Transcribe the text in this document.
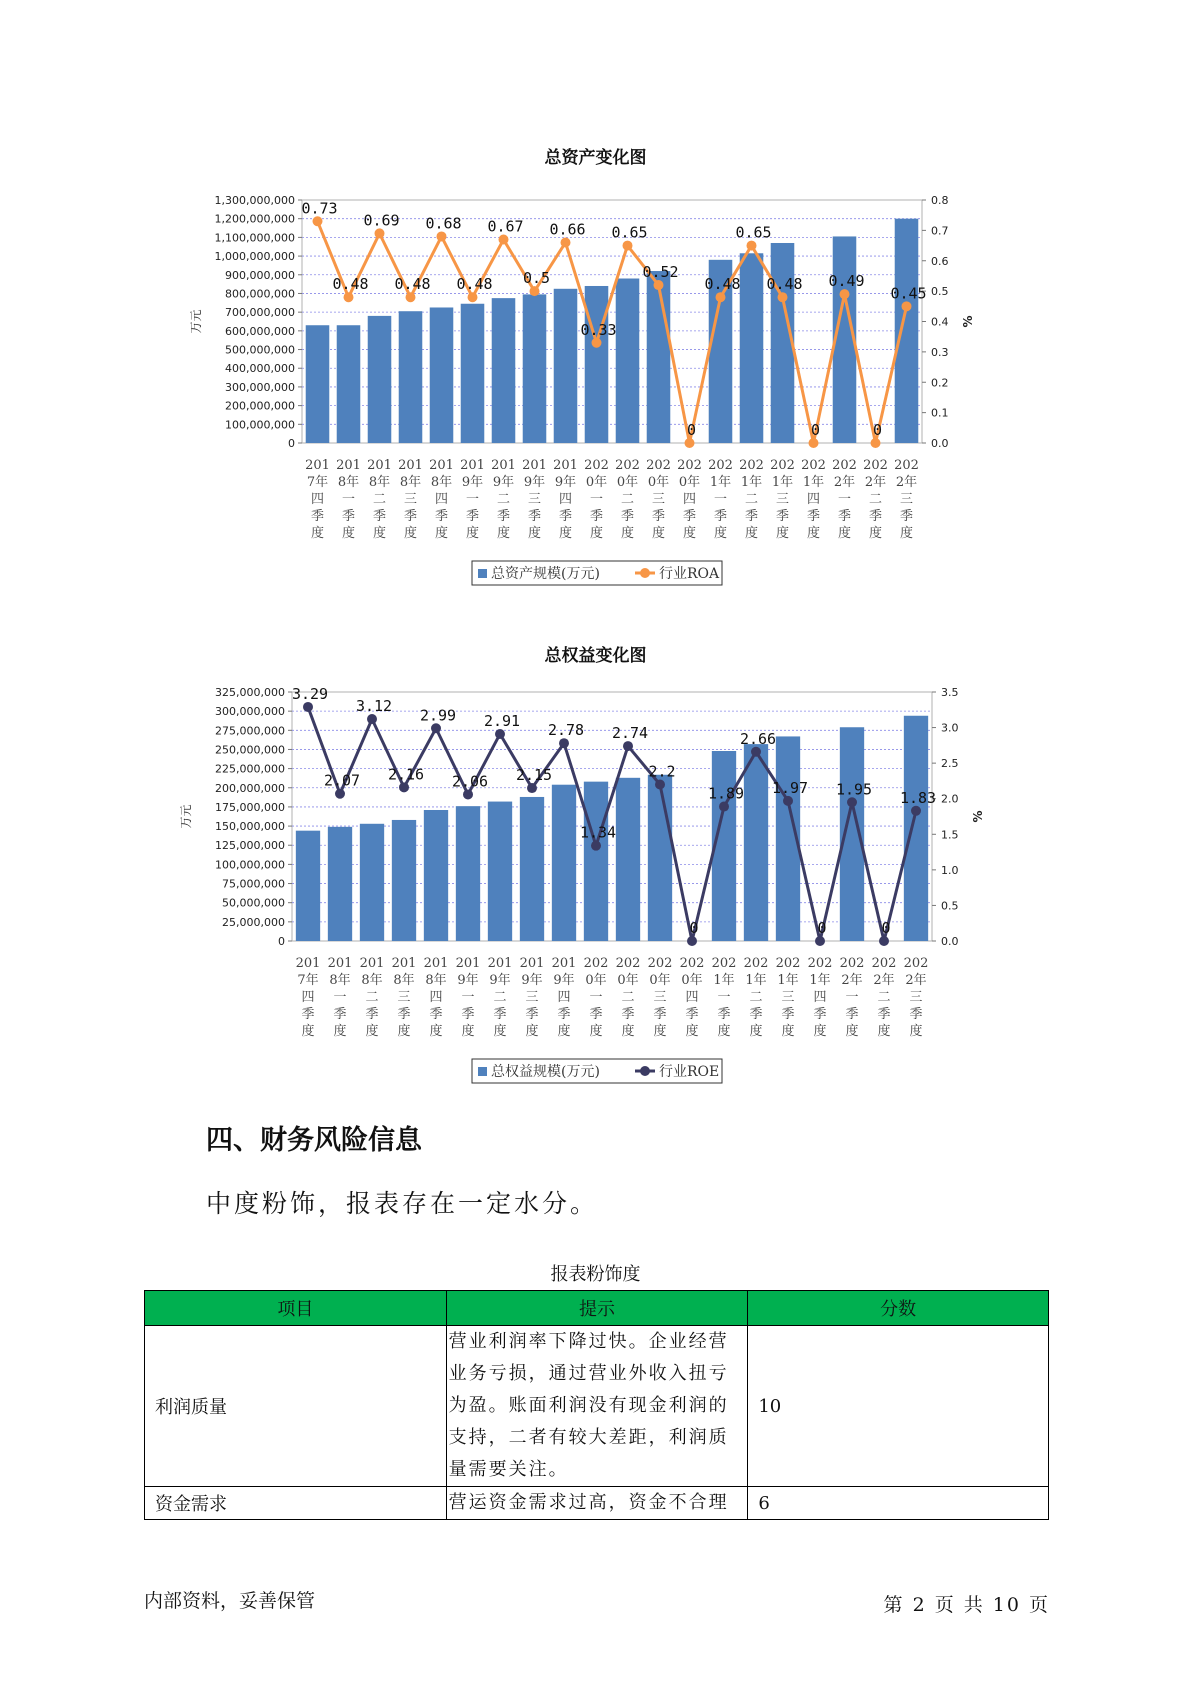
总资产变化图
1,300,000,000
1,200,000,000
1,100,000,000
1,000,000,000
900,000,000
800,000,000
700,000,000
600,000,000
500,000,000
400,000,000
300,000,000
200,000,000
100,000,000
0
0.8
0.7
0.6
0.5
0.4
0.3
0.2
0.1
0.0
万元	%
0.73
0.48
0.69
0.48
0.68
0.48
0.67
0.5
0.66
0.33
0.65
0.52
0
0.48
0.65
0.48
0
0.49
0
0.45
201
7年
四
季
度
201
8年
一
季
度
201
8年
二
季
度
201
8年
三
季
度
201
8年
四
季
度
201
9年
一
季
度
201
9年
二
季
度
201
9年
三
季
度
201
9年
四
季
度
202
0年
一
季
度
202
0年
二
季
度
202
0年
三
季
度
202
0年
四
季
度
202
1年
一
季
度
202
1年
二
季
度
202
1年
三
季
度
202
1年
四
季
度
202
2年
一
季
度
202
2年
二
季
度
202
2年
三
季
度
总资产规模(万元)	行业ROA
总权益变化图
325,000,000
300,000,000
275,000,000
250,000,000
225,000,000
200,000,000
175,000,000
150,000,000
125,000,000
100,000,000
75,000,000
50,000,000
25,000,000
0
3.5
3.0
2.5
2.0
1.5
1.0
0.5
0.0
万元	%
3.29
2.07
3.12
2.16
2.99
2.06
2.91
2.15
2.78
1.34
2.74
2.2
0
1.89
2.66
1.97
0
1.95
0
1.83
201
7年
四
季
度
201
8年
一
季
度
201
8年
二
季
度
201
8年
三
季
度
201
8年
四
季
度
201
9年
一
季
度
201
9年
二
季
度
201
9年
三
季
度
201
9年
四
季
度
202
0年
一
季
度
202
0年
二
季
度
202
0年
三
季
度
202
0年
四
季
度
202
1年
一
季
度
202
1年
二
季
度
202
1年
三
季
度
202
1年
四
季
度
202
2年
一
季
度
202
2年
二
季
度
202
2年
三
季
度
总权益规模(万元)	行业ROE
四、财务风险信息
中度粉饰，报表存在一定水分。
报表粉饰度
项目	提示	分数
利润质量	营业利润率下降过快。企业经营业务亏损，通过营业外收入扭亏为盈。账面利润没有现金利润的支持，二者有较大差距，利润质量需要关注。	10
资金需求	营运资金需求过高，资金不合理	6
内部资料，妥善保管	第 2 页 共 10 页
